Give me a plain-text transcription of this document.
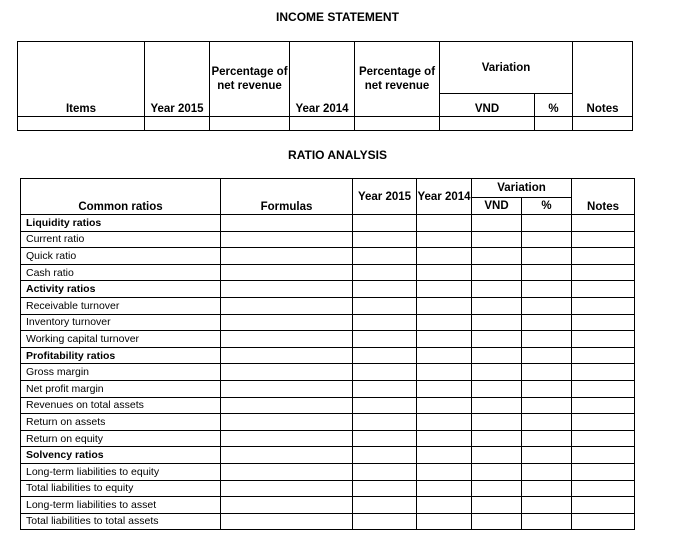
INCOME STATEMENT
Items	Year 2015	Percentage of net revenue	Year 2014	Percentage of net revenue	Variation		Notes
					VND	%	

RATIO ANALYSIS
Common ratios	Formulas	Year 2015	Year 2014	Variation		Notes
				VND	%	
Liquidity ratios						
Current ratio						
Quick ratio						
Cash ratio						
Activity ratios						
Receivable turnover						
Inventory turnover						
Working capital turnover						
Profitability ratios						
Gross margin						
Net profit margin						
Revenues on total assets						
Return on assets						
Return on equity						
Solvency ratios						
Long-term liabilities to equity						
Total liabilities to equity						
Long-term liabilities to asset						
Total liabilities to total assets						
